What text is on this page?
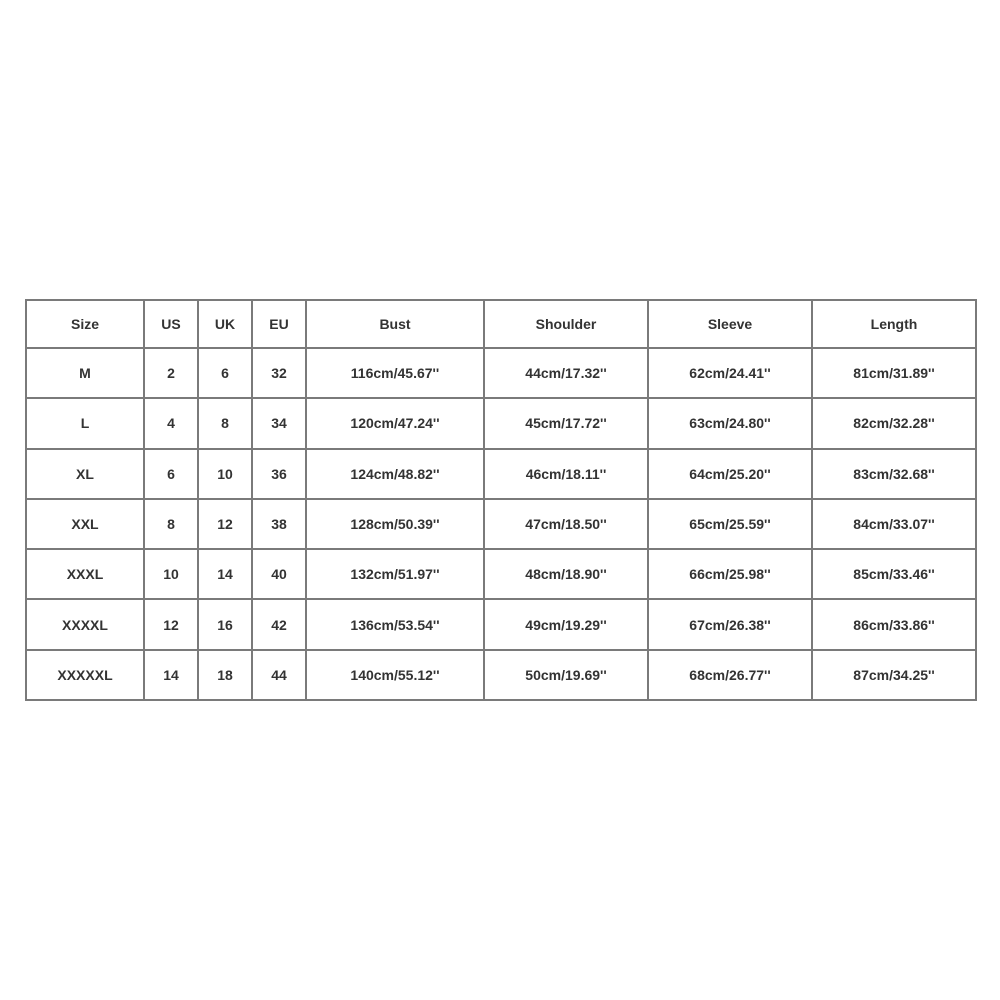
Size	US	UK	EU	Bust	Shoulder	Sleeve	Length
M	2	6	32	116cm/45.67''	44cm/17.32''	62cm/24.41''	81cm/31.89''
L	4	8	34	120cm/47.24''	45cm/17.72''	63cm/24.80''	82cm/32.28''
XL	6	10	36	124cm/48.82''	46cm/18.11''	64cm/25.20''	83cm/32.68''
XXL	8	12	38	128cm/50.39''	47cm/18.50''	65cm/25.59''	84cm/33.07''
XXXL	10	14	40	132cm/51.97''	48cm/18.90''	66cm/25.98''	85cm/33.46''
XXXXL	12	16	42	136cm/53.54''	49cm/19.29''	67cm/26.38''	86cm/33.86''
XXXXXL	14	18	44	140cm/55.12''	50cm/19.69''	68cm/26.77''	87cm/34.25''
